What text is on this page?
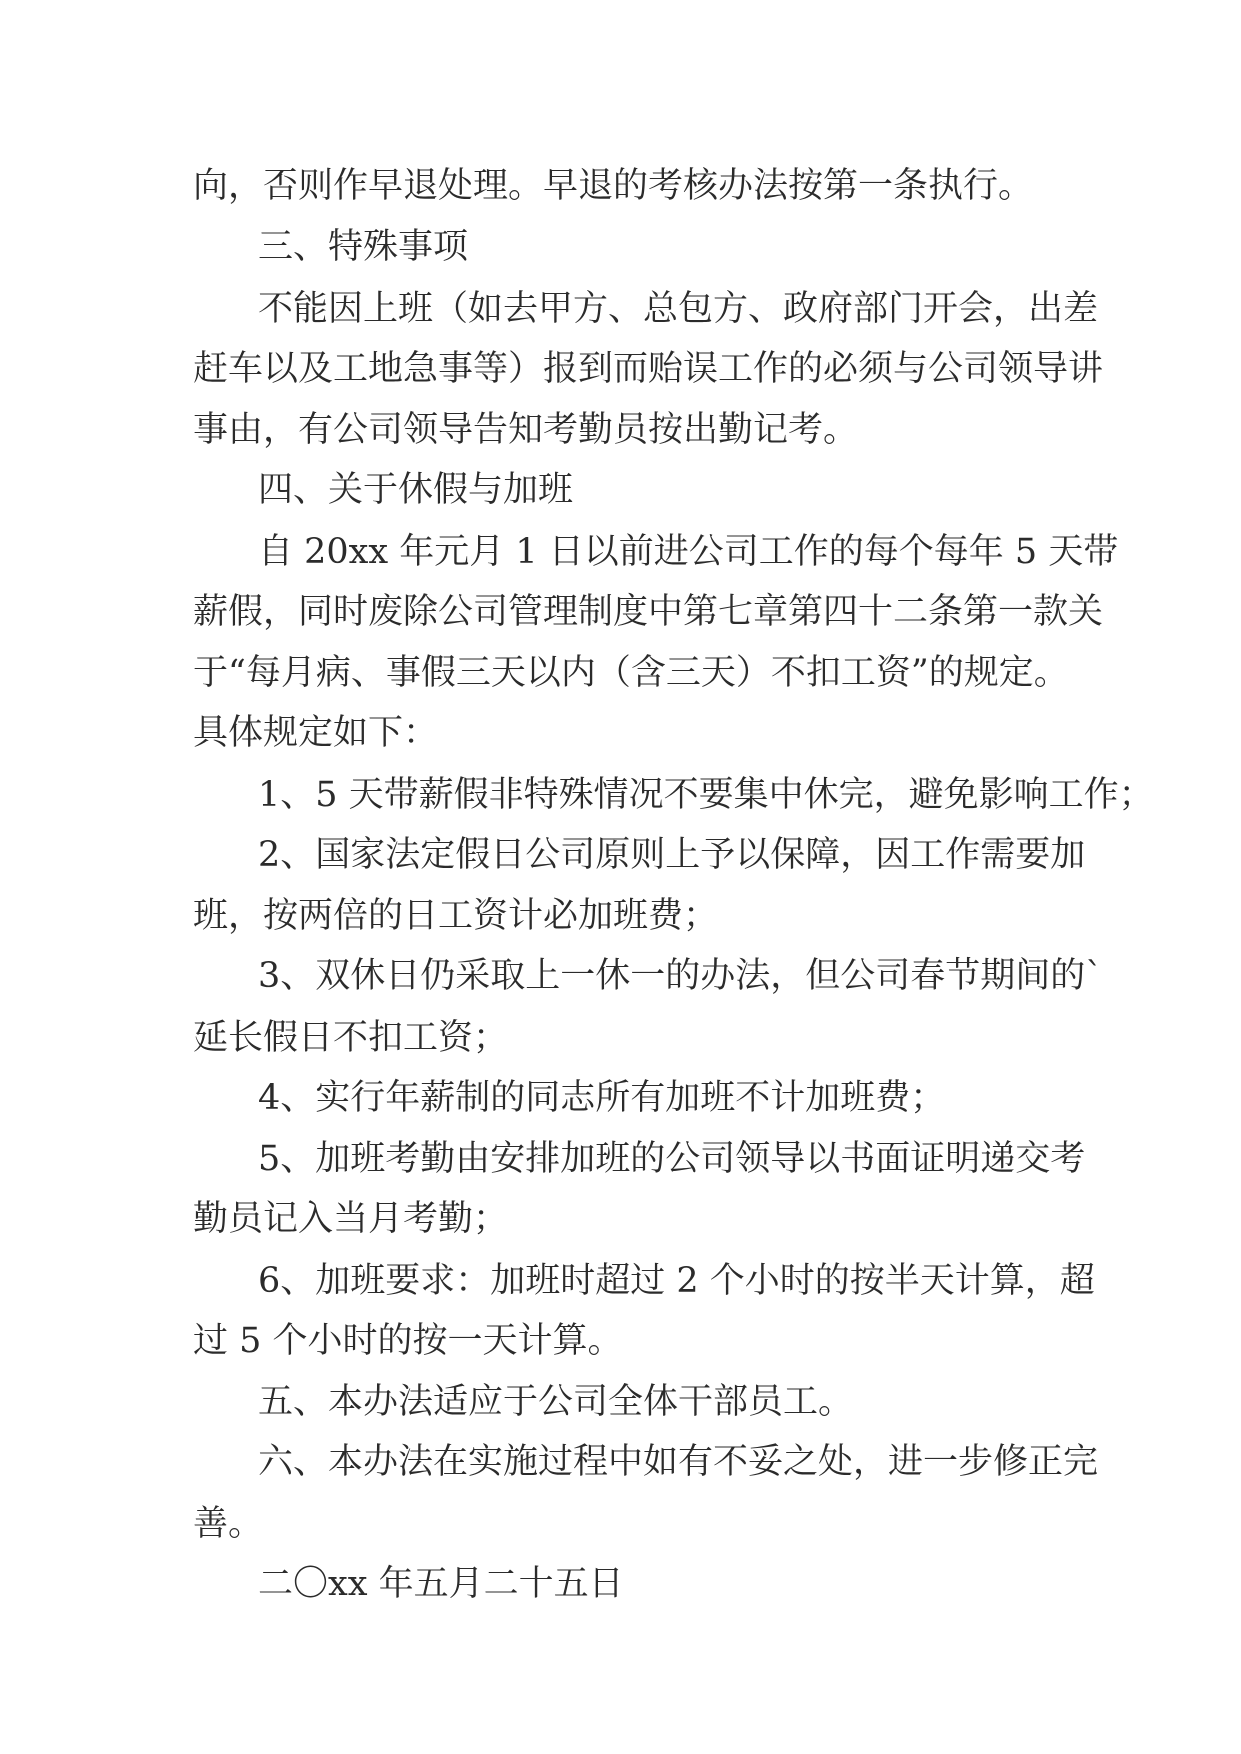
向，否则作早退处理。早退的考核办法按第一条执行。
三、特殊事项
不能因上班（如去甲方、总包方、政府部门开会，出差
赶车以及工地急事等）报到而贻误工作的必须与公司领导讲
事由，有公司领导告知考勤员按出勤记考。
四、关于休假与加班
自 20xx 年元月 1 日以前进公司工作的每个每年 5 天带
薪假，同时废除公司管理制度中第七章第四十二条第一款关
于“每月病、事假三天以内（含三天）不扣工资”的规定。
具体规定如下：
1、5 天带薪假非特殊情况不要集中休完，避免影响工作；
2、国家法定假日公司原则上予以保障，因工作需要加
班，按两倍的日工资计必加班费；
3、双休日仍采取上一休一的办法，但公司春节期间的`
延长假日不扣工资；
4、实行年薪制的同志所有加班不计加班费；
5、加班考勤由安排加班的公司领导以书面证明递交考
勤员记入当月考勤；
6、加班要求：加班时超过 2 个小时的按半天计算，超
过 5 个小时的按一天计算。
五、本办法适应于公司全体干部员工。
六、本办法在实施过程中如有不妥之处，进一步修正完
善。
二〇xx 年五月二十五日
